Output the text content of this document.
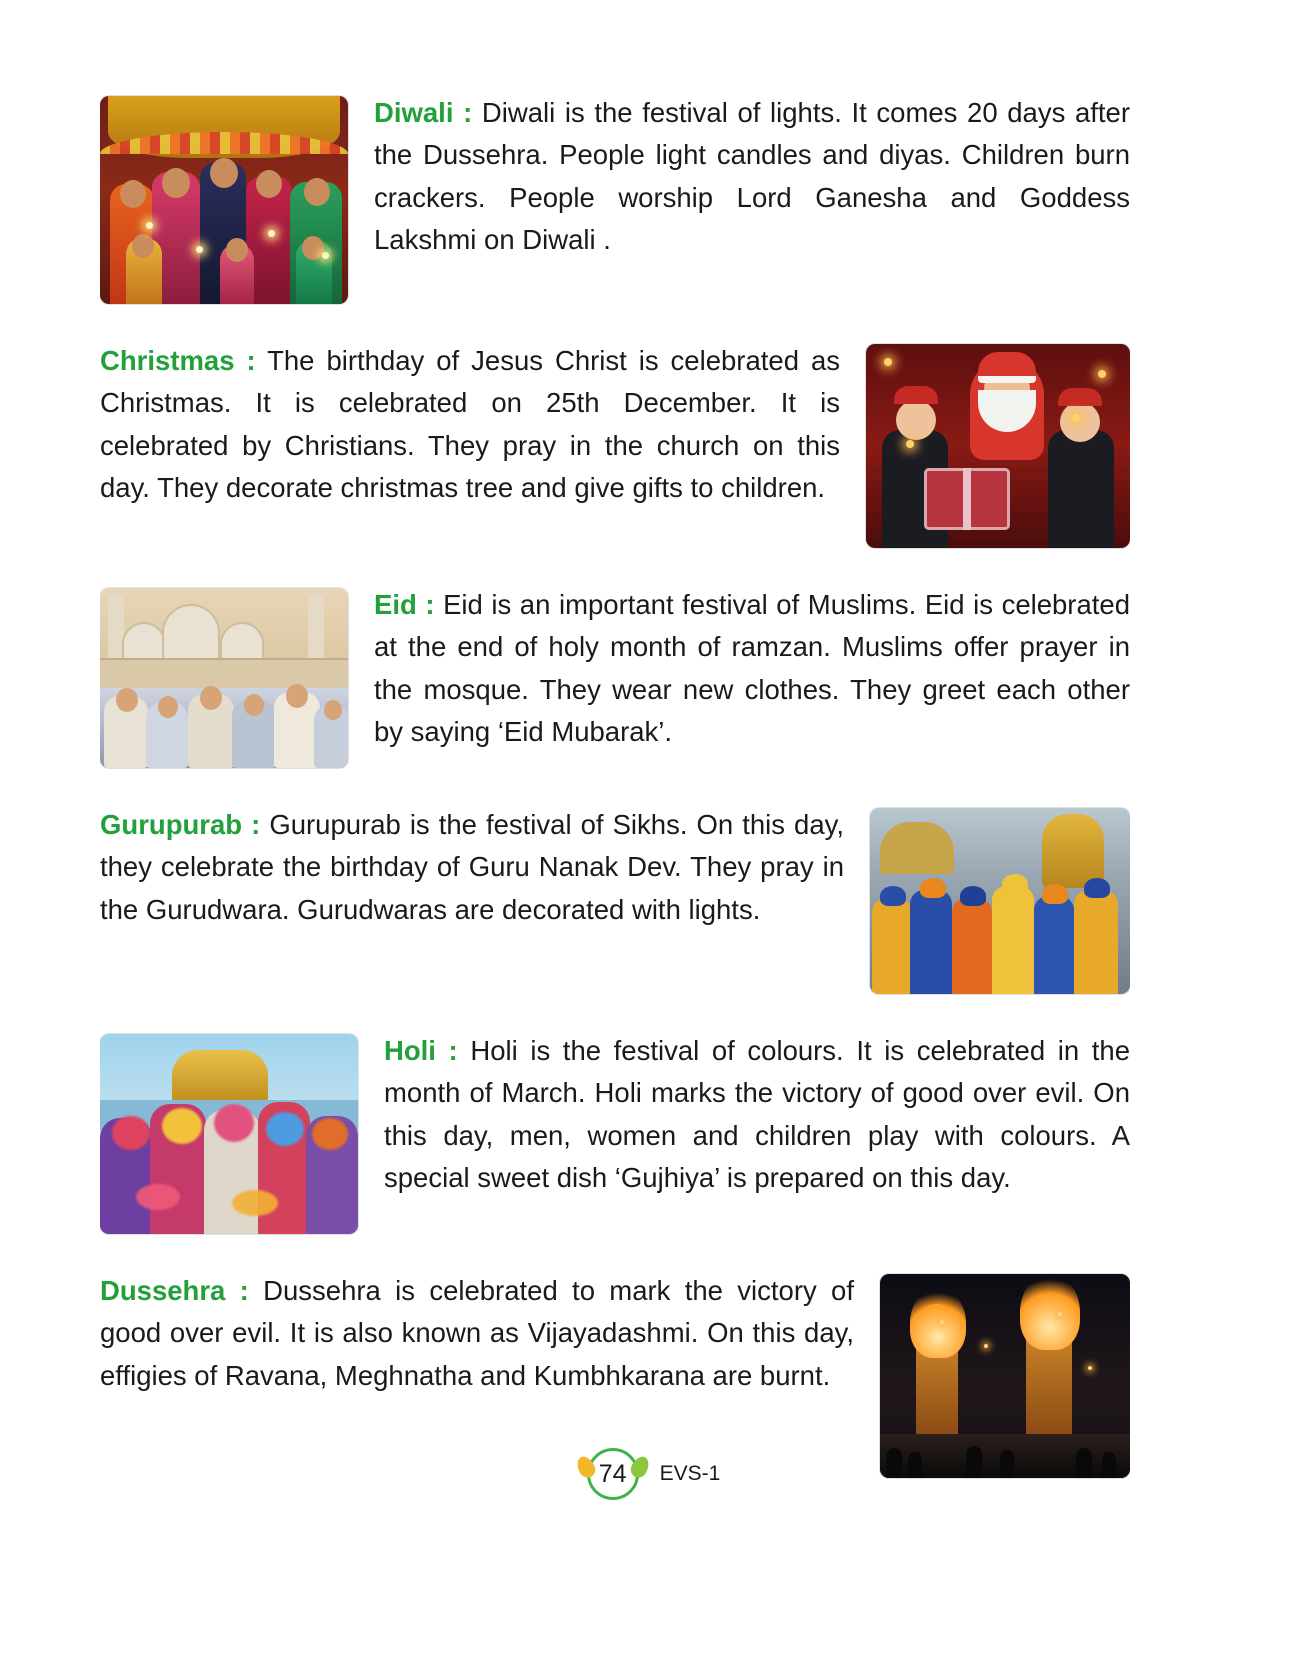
Diwali : Diwali is the festival of lights. It comes 20 days after the Dussehra. People light candles and diyas. Children burn crackers. People worship Lord Ganesha and Goddess Lakshmi on Diwali .

Christmas : The birthday of Jesus Christ is celebrated as Christmas. It is celebrated on 25th December. It is celebrated by Christians. They pray in the church on this day. They decorate christmas tree and give gifts to children.

Eid : Eid is an important festival of Muslims. Eid is celebrated at the end of holy month of ramzan. Muslims offer prayer in the mosque. They wear new clothes. They greet each other by saying ‘Eid Mubarak’.

Gurupurab : Gurupurab is the festival of Sikhs. On this day, they celebrate the birthday of Guru Nanak Dev. They pray in the Gurudwara. Gurudwaras are decorated with lights.

Holi : Holi is the festival of colours. It is celebrated in the month of March. Holi marks the victory of good over evil. On this day, men, women and children play with colours. A special sweet dish ‘Gujhiya’ is prepared on this day.

Dussehra : Dussehra is celebrated to mark the victory of good over evil. It is also known as Vijayadashmi. On this day, effigies of Ravana, Meghnatha and Kumbhkarana are burnt.

74 EVS-1
